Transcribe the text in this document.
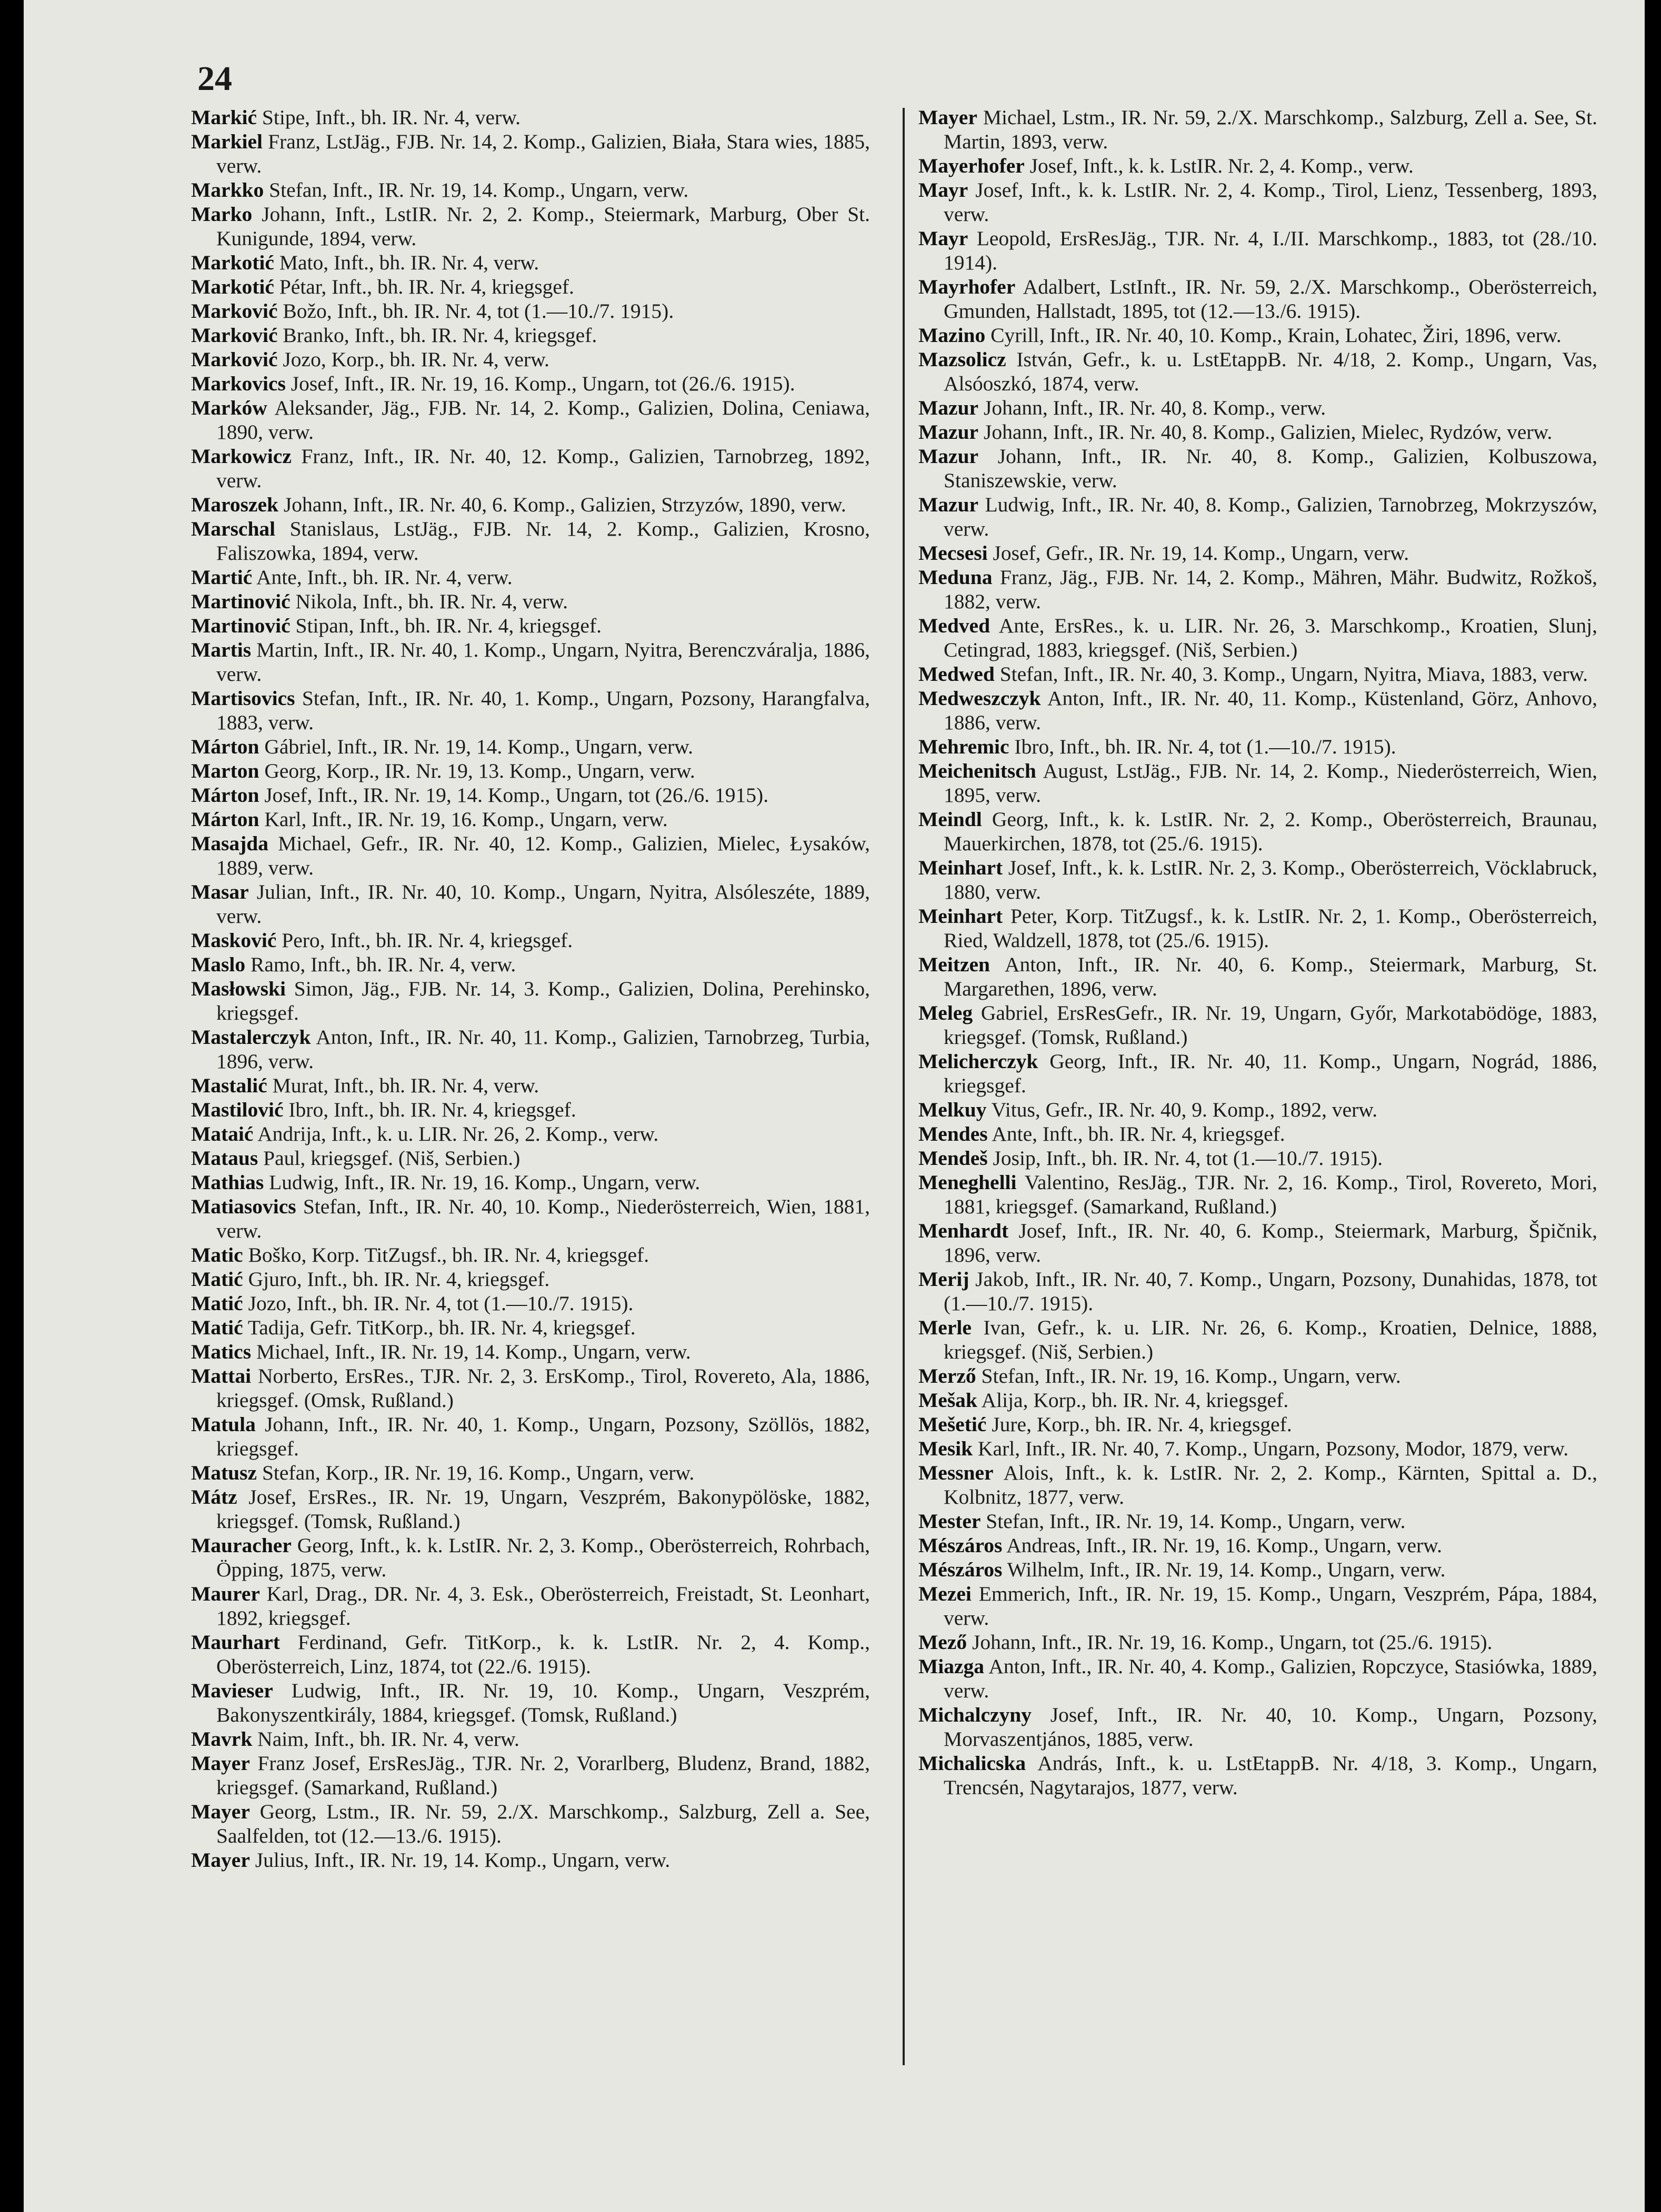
24
Markić Stipe, Inft., bh. IR. Nr. 4, verw.
Markiel Franz, LstJäg., FJB. Nr. 14, 2. Komp., Galizien, Biała, Stara wies, 1885, verw.
Markko Stefan, Inft., IR. Nr. 19, 14. Komp., Ungarn, verw.
Marko Johann, Inft., LstIR. Nr. 2, 2. Komp., Steiermark, Marburg, Ober St. Kunigunde, 1894, verw.
Markotić Mato, Inft., bh. IR. Nr. 4, verw.
Markotić Pétar, Inft., bh. IR. Nr. 4, kriegsgef.
Marković Božo, Inft., bh. IR. Nr. 4, tot (1.—10./7. 1915).
Marković Branko, Inft., bh. IR. Nr. 4, kriegsgef.
Marković Jozo, Korp., bh. IR. Nr. 4, verw.
Markovics Josef, Inft., IR. Nr. 19, 16. Komp., Ungarn, tot (26./6. 1915).
Marków Aleksander, Jäg., FJB. Nr. 14, 2. Komp., Galizien, Dolina, Ceniawa, 1890, verw.
Markowicz Franz, Inft., IR. Nr. 40, 12. Komp., Galizien, Tarnobrzeg, 1892, verw.
Maroszek Johann, Inft., IR. Nr. 40, 6. Komp., Galizien, Strzyzów, 1890, verw.
Marschal Stanislaus, LstJäg., FJB. Nr. 14, 2. Komp., Galizien, Krosno, Faliszowka, 1894, verw.
Martić Ante, Inft., bh. IR. Nr. 4, verw.
Martinović Nikola, Inft., bh. IR. Nr. 4, verw.
Martinović Stipan, Inft., bh. IR. Nr. 4, kriegsgef.
Martis Martin, Inft., IR. Nr. 40, 1. Komp., Ungarn, Nyitra, Berenczváralja, 1886, verw.
Martisovics Stefan, Inft., IR. Nr. 40, 1. Komp., Ungarn, Pozsony, Harangfalva, 1883, verw.
Márton Gábriel, Inft., IR. Nr. 19, 14. Komp., Ungarn, verw.
Marton Georg, Korp., IR. Nr. 19, 13. Komp., Ungarn, verw.
Márton Josef, Inft., IR. Nr. 19, 14. Komp., Ungarn, tot (26./6. 1915).
Márton Karl, Inft., IR. Nr. 19, 16. Komp., Ungarn, verw.
Masajda Michael, Gefr., IR. Nr. 40, 12. Komp., Galizien, Mielec, Łysaków, 1889, verw.
Masar Julian, Inft., IR. Nr. 40, 10. Komp., Ungarn, Nyitra, Alsóleszéte, 1889, verw.
Masković Pero, Inft., bh. IR. Nr. 4, kriegsgef.
Maslo Ramo, Inft., bh. IR. Nr. 4, verw.
Masłowski Simon, Jäg., FJB. Nr. 14, 3. Komp., Galizien, Dolina, Perehinsko, kriegsgef.
Mastalerczyk Anton, Inft., IR. Nr. 40, 11. Komp., Galizien, Tarnobrzeg, Turbia, 1896, verw.
Mastalić Murat, Inft., bh. IR. Nr. 4, verw.
Mastilović Ibro, Inft., bh. IR. Nr. 4, kriegsgef.
Mataić Andrija, Inft., k. u. LIR. Nr. 26, 2. Komp., verw.
Mataus Paul, kriegsgef. (Niš, Serbien.)
Mathias Ludwig, Inft., IR. Nr. 19, 16. Komp., Ungarn, verw.
Matiasovics Stefan, Inft., IR. Nr. 40, 10. Komp., Niederösterreich, Wien, 1881, verw.
Matic Boško, Korp. TitZugsf., bh. IR. Nr. 4, kriegsgef.
Matić Gjuro, Inft., bh. IR. Nr. 4, kriegsgef.
Matić Jozo, Inft., bh. IR. Nr. 4, tot (1.—10./7. 1915).
Matić Tadija, Gefr. TitKorp., bh. IR. Nr. 4, kriegsgef.
Matics Michael, Inft., IR. Nr. 19, 14. Komp., Ungarn, verw.
Mattai Norberto, ErsRes., TJR. Nr. 2, 3. ErsKomp., Tirol, Rovereto, Ala, 1886, kriegsgef. (Omsk, Rußland.)
Matula Johann, Inft., IR. Nr. 40, 1. Komp., Ungarn, Pozsony, Szöllös, 1882, kriegsgef.
Matusz Stefan, Korp., IR. Nr. 19, 16. Komp., Ungarn, verw.
Mátz Josef, ErsRes., IR. Nr. 19, Ungarn, Veszprém, Bakonypölöske, 1882, kriegsgef. (Tomsk, Rußland.)
Mauracher Georg, Inft., k. k. LstIR. Nr. 2, 3. Komp., Oberösterreich, Rohrbach, Öpping, 1875, verw.
Maurer Karl, Drag., DR. Nr. 4, 3. Esk., Oberösterreich, Freistadt, St. Leonhart, 1892, kriegsgef.
Maurhart Ferdinand, Gefr. TitKorp., k. k. LstIR. Nr. 2, 4. Komp., Oberösterreich, Linz, 1874, tot (22./6. 1915).
Mavieser Ludwig, Inft., IR. Nr. 19, 10. Komp., Ungarn, Veszprém, Bakonyszentkirály, 1884, kriegsgef. (Tomsk, Rußland.)
Mavrk Naim, Inft., bh. IR. Nr. 4, verw.
Mayer Franz Josef, ErsResJäg., TJR. Nr. 2, Vorarlberg, Bludenz, Brand, 1882, kriegsgef. (Samarkand, Rußland.)
Mayer Georg, Lstm., IR. Nr. 59, 2./X. Marschkomp., Salzburg, Zell a. See, Saalfelden, tot (12.—13./6. 1915).
Mayer Julius, Inft., IR. Nr. 19, 14. Komp., Ungarn, verw.
Mayer Michael, Lstm., IR. Nr. 59, 2./X. Marschkomp., Salzburg, Zell a. See, St. Martin, 1893, verw.
Mayerhofer Josef, Inft., k. k. LstIR. Nr. 2, 4. Komp., verw.
Mayr Josef, Inft., k. k. LstIR. Nr. 2, 4. Komp., Tirol, Lienz, Tessenberg, 1893, verw.
Mayr Leopold, ErsResJäg., TJR. Nr. 4, I./II. Marschkomp., 1883, tot (28./10. 1914).
Mayrhofer Adalbert, LstInft., IR. Nr. 59, 2./X. Marschkomp., Oberösterreich, Gmunden, Hallstadt, 1895, tot (12.—13./6. 1915).
Mazino Cyrill, Inft., IR. Nr. 40, 10. Komp., Krain, Lohatec, Žiri, 1896, verw.
Mazsolicz István, Gefr., k. u. LstEtappB. Nr. 4/18, 2. Komp., Ungarn, Vas, Alsóoszkó, 1874, verw.
Mazur Johann, Inft., IR. Nr. 40, 8. Komp., verw.
Mazur Johann, Inft., IR. Nr. 40, 8. Komp., Galizien, Mielec, Rydzów, verw.
Mazur Johann, Inft., IR. Nr. 40, 8. Komp., Galizien, Kolbuszowa, Staniszewskie, verw.
Mazur Ludwig, Inft., IR. Nr. 40, 8. Komp., Galizien, Tarnobrzeg, Mokrzyszów, verw.
Mecsesi Josef, Gefr., IR. Nr. 19, 14. Komp., Ungarn, verw.
Meduna Franz, Jäg., FJB. Nr. 14, 2. Komp., Mähren, Mähr. Budwitz, Rožkoš, 1882, verw.
Medved Ante, ErsRes., k. u. LIR. Nr. 26, 3. Marschkomp., Kroatien, Slunj, Cetingrad, 1883, kriegsgef. (Niš, Serbien.)
Medwed Stefan, Inft., IR. Nr. 40, 3. Komp., Ungarn, Nyitra, Miava, 1883, verw.
Medweszczyk Anton, Inft., IR. Nr. 40, 11. Komp., Küstenland, Görz, Anhovo, 1886, verw.
Mehremic Ibro, Inft., bh. IR. Nr. 4, tot (1.—10./7. 1915).
Meichenitsch August, LstJäg., FJB. Nr. 14, 2. Komp., Niederösterreich, Wien, 1895, verw.
Meindl Georg, Inft., k. k. LstIR. Nr. 2, 2. Komp., Oberösterreich, Braunau, Mauerkirchen, 1878, tot (25./6. 1915).
Meinhart Josef, Inft., k. k. LstIR. Nr. 2, 3. Komp., Oberösterreich, Vöcklabruck, 1880, verw.
Meinhart Peter, Korp. TitZugsf., k. k. LstIR. Nr. 2, 1. Komp., Oberösterreich, Ried, Waldzell, 1878, tot (25./6. 1915).
Meitzen Anton, Inft., IR. Nr. 40, 6. Komp., Steiermark, Marburg, St. Margarethen, 1896, verw.
Meleg Gabriel, ErsResGefr., IR. Nr. 19, Ungarn, Győr, Markotabödöge, 1883, kriegsgef. (Tomsk, Rußland.)
Melicherczyk Georg, Inft., IR. Nr. 40, 11. Komp., Ungarn, Nográd, 1886, kriegsgef.
Melkuy Vitus, Gefr., IR. Nr. 40, 9. Komp., 1892, verw.
Mendes Ante, Inft., bh. IR. Nr. 4, kriegsgef.
Mendeš Josip, Inft., bh. IR. Nr. 4, tot (1.—10./7. 1915).
Meneghelli Valentino, ResJäg., TJR. Nr. 2, 16. Komp., Tirol, Rovereto, Mori, 1881, kriegsgef. (Samarkand, Rußland.)
Menhardt Josef, Inft., IR. Nr. 40, 6. Komp., Steiermark, Marburg, Špičnik, 1896, verw.
Merij Jakob, Inft., IR. Nr. 40, 7. Komp., Ungarn, Pozsony, Dunahidas, 1878, tot (1.—10./7. 1915).
Merle Ivan, Gefr., k. u. LIR. Nr. 26, 6. Komp., Kroatien, Delnice, 1888, kriegsgef. (Niš, Serbien.)
Merző Stefan, Inft., IR. Nr. 19, 16. Komp., Ungarn, verw.
Mešak Alija, Korp., bh. IR. Nr. 4, kriegsgef.
Mešetić Jure, Korp., bh. IR. Nr. 4, kriegsgef.
Mesik Karl, Inft., IR. Nr. 40, 7. Komp., Ungarn, Pozsony, Modor, 1879, verw.
Messner Alois, Inft., k. k. LstIR. Nr. 2, 2. Komp., Kärnten, Spittal a. D., Kolbnitz, 1877, verw.
Mester Stefan, Inft., IR. Nr. 19, 14. Komp., Ungarn, verw.
Mészáros Andreas, Inft., IR. Nr. 19, 16. Komp., Ungarn, verw.
Mészáros Wilhelm, Inft., IR. Nr. 19, 14. Komp., Ungarn, verw.
Mezei Emmerich, Inft., IR. Nr. 19, 15. Komp., Ungarn, Veszprém, Pápa, 1884, verw.
Mező Johann, Inft., IR. Nr. 19, 16. Komp., Ungarn, tot (25./6. 1915).
Miazga Anton, Inft., IR. Nr. 40, 4. Komp., Galizien, Ropczyce, Stasiówka, 1889, verw.
Michalczyny Josef, Inft., IR. Nr. 40, 10. Komp., Ungarn, Pozsony, Morvaszentjános, 1885, verw.
Michalicska András, Inft., k. u. LstEtappB. Nr. 4/18, 3. Komp., Ungarn, Trencsén, Nagytarajos, 1877, verw.
